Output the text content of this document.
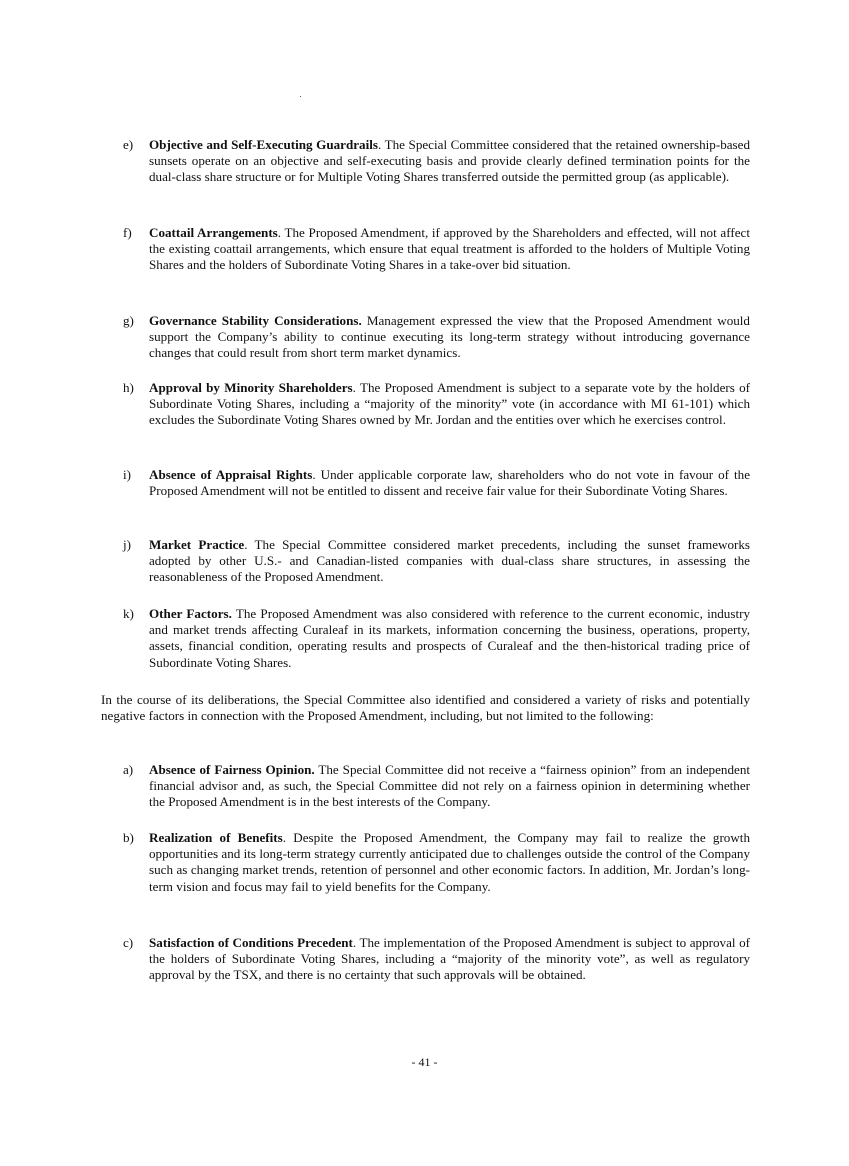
e)	Objective and Self-Executing Guardrails. The Special Committee considered that the retained ownership-based sunsets operate on an objective and self-executing basis and provide clearly defined termination points for the dual-class share structure or for Multiple Voting Shares transferred outside the permitted group (as applicable).
f)	Coattail Arrangements. The Proposed Amendment, if approved by the Shareholders and effected, will not affect the existing coattail arrangements, which ensure that equal treatment is afforded to the holders of Multiple Voting Shares and the holders of Subordinate Voting Shares in a take-over bid situation.
g)	Governance Stability Considerations. Management expressed the view that the Proposed Amendment would support the Company’s ability to continue executing its long-term strategy without introducing governance changes that could result from short term market dynamics.
h)	Approval by Minority Shareholders. The Proposed Amendment is subject to a separate vote by the holders of Subordinate Voting Shares, including a “majority of the minority” vote (in accordance with MI 61-101) which excludes the Subordinate Voting Shares owned by Mr. Jordan and the entities over which he exercises control.
i)	Absence of Appraisal Rights. Under applicable corporate law, shareholders who do not vote in favour of the Proposed Amendment will not be entitled to dissent and receive fair value for their Subordinate Voting Shares.
j)	Market Practice. The Special Committee considered market precedents, including the sunset frameworks adopted by other U.S.- and Canadian-listed companies with dual-class share structures, in assessing the reasonableness of the Proposed Amendment.
k)	Other Factors. The Proposed Amendment was also considered with reference to the current economic, industry and market trends affecting Curaleaf in its markets, information concerning the business, operations, property, assets, financial condition, operating results and prospects of Curaleaf and the then-historical trading price of Subordinate Voting Shares.
In the course of its deliberations, the Special Committee also identified and considered a variety of risks and potentially negative factors in connection with the Proposed Amendment, including, but not limited to the following:
a)	Absence of Fairness Opinion. The Special Committee did not receive a “fairness opinion” from an independent financial advisor and, as such, the Special Committee did not rely on a fairness opinion in determining whether the Proposed Amendment is in the best interests of the Company.
b)	Realization of Benefits. Despite the Proposed Amendment, the Company may fail to realize the growth opportunities and its long-term strategy currently anticipated due to challenges outside the control of the Company such as changing market trends, retention of personnel and other economic factors. In addition, Mr. Jordan’s long-term vision and focus may fail to yield benefits for the Company.
c)	Satisfaction of Conditions Precedent. The implementation of the Proposed Amendment is subject to approval of the holders of Subordinate Voting Shares, including a “majority of the minority vote”, as well as regulatory approval by the TSX, and there is no certainty that such approvals will be obtained.
- 41 -
